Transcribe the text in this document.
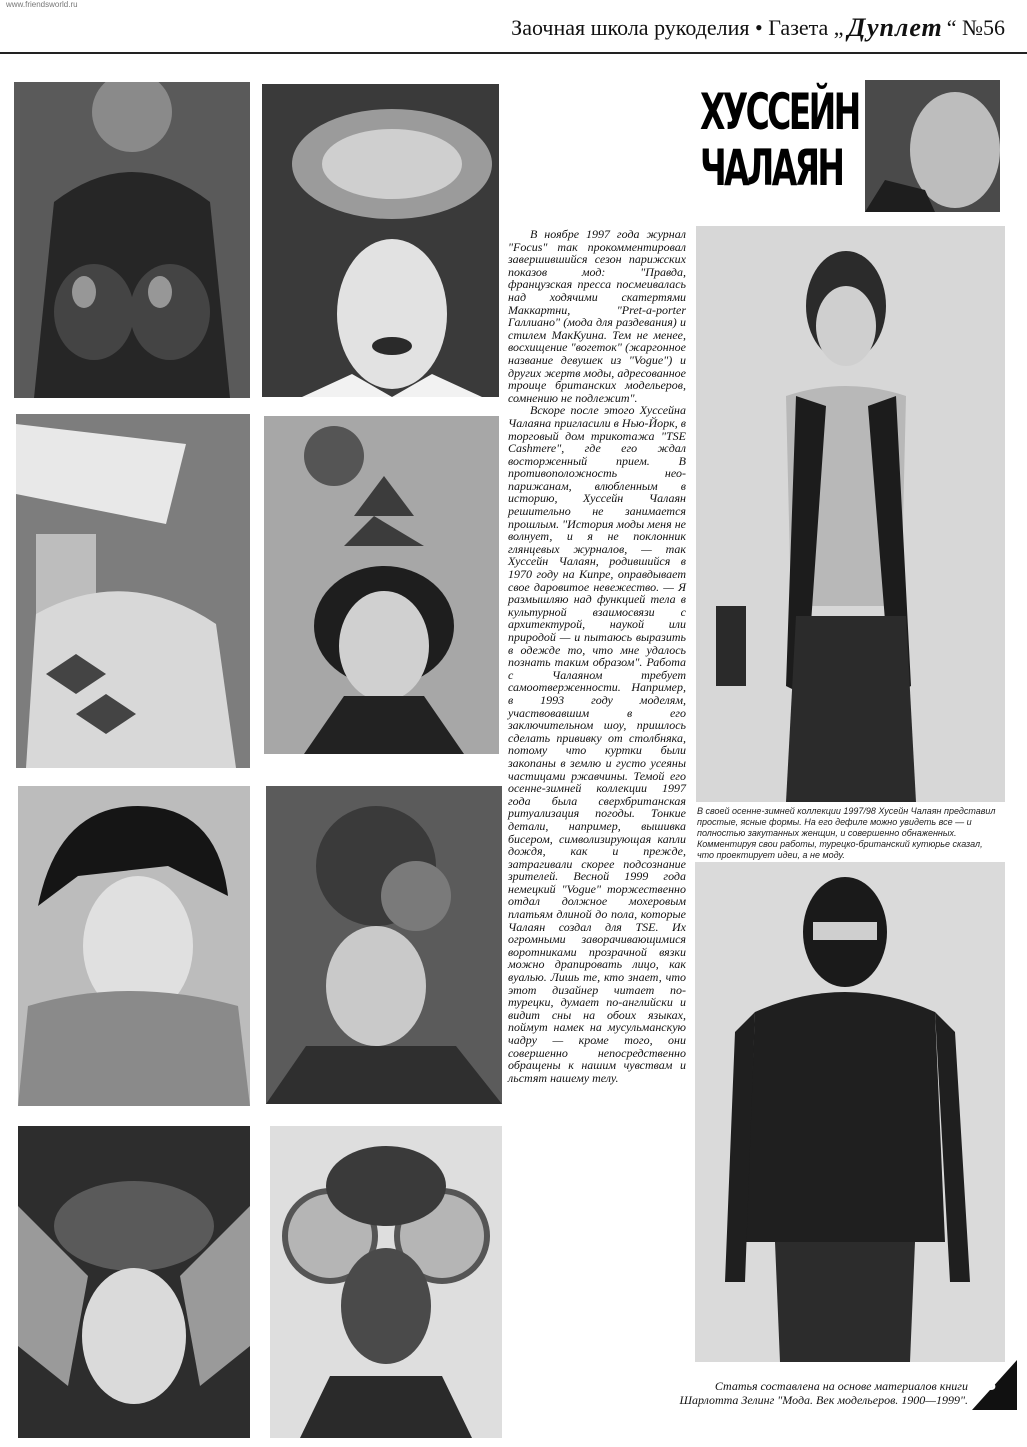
www.friendsworld.ru
Заочная школа рукоделия • Газета „ Дуплет “ №56
ХУССЕЙН
ЧАЛАЯН

В ноябре 1997 года журнал "Focus" так прокомментировал завершившийся сезон парижских показов мод: "Правда, французская пресса посмеивалась над ходячими скатертями Маккартни, "Pret-a-porter Галлиано" (мода для раздевания) и стилем МакКуина. Тем не менее, восхищение "вогеток" (жаргонное название девушек из "Vogue") и других жертв моды, адресованное троице британских модельеров, сомнению не подлежит".

Вскоре после этого Хуссейна Чалаяна пригласили в Нью-Йорк, в торговый дом трикотажа "TSE Cashmere", где его ждал восторженный прием. В противоположность нео-парижанам, влюбленным в историю, Хуссейн Чалаян решительно не занимается прошлым. "История моды меня не волнует, и я не поклонник глянцевых журналов, — так Хуссейн Чалаян, родившийся в 1970 году на Кипре, оправдывает свое даровитое невежество. — Я размышляю над функцией тела в культурной взаимосвязи с архитектурой, наукой или природой — и пытаюсь выразить в одежде то, что мне удалось познать таким образом". Работа с Чалаяном требует самоотверженности. Например, в 1993 году моделям, участвовавшим в его заключительном шоу, пришлось сделать прививку от столбняка, потому что куртки были закопаны в землю и густо усеяны частицами ржавчины. Темой его осенне-зимней коллекции 1997 года была сверхбританская ритуализация погоды. Тонкие детали, например, вышивка бисером, символизирующая капли дождя, как и прежде, затрагивали скорее подсознание зрителей. Весной 1999 года немецкий "Vogue" торжественно отдал должное мохеровым платьям длиной до пола, которые Чалаян создал для TSE. Их огромными заворачивающимися воротниками прозрачной вязки можно драпировать лицо, как вуалью. Лишь те, кто знает, что этот дизайнер читает по-турецки, думает по-английски и видит сны на обоих языках, поймут намек на мусульманскую чадру — кроме того, они совершенно непосредственно обращены к нашим чувствам и льстят нашему телу.

В своей осенне-зимней коллекции 1997/98 Хусейн Чалаян представил простые, ясные формы. На его дефиле можно увидеть все — и полностью закутанных женщин, и совершенно обнаженных. Комментируя свои работы, турецко-британский кутюрье сказал, что проектирует идеи, а не моду.
Статья составлена на основе материалов книги
Шарлотта Зелинг "Мода. Век модельеров. 1900—1999".
3
